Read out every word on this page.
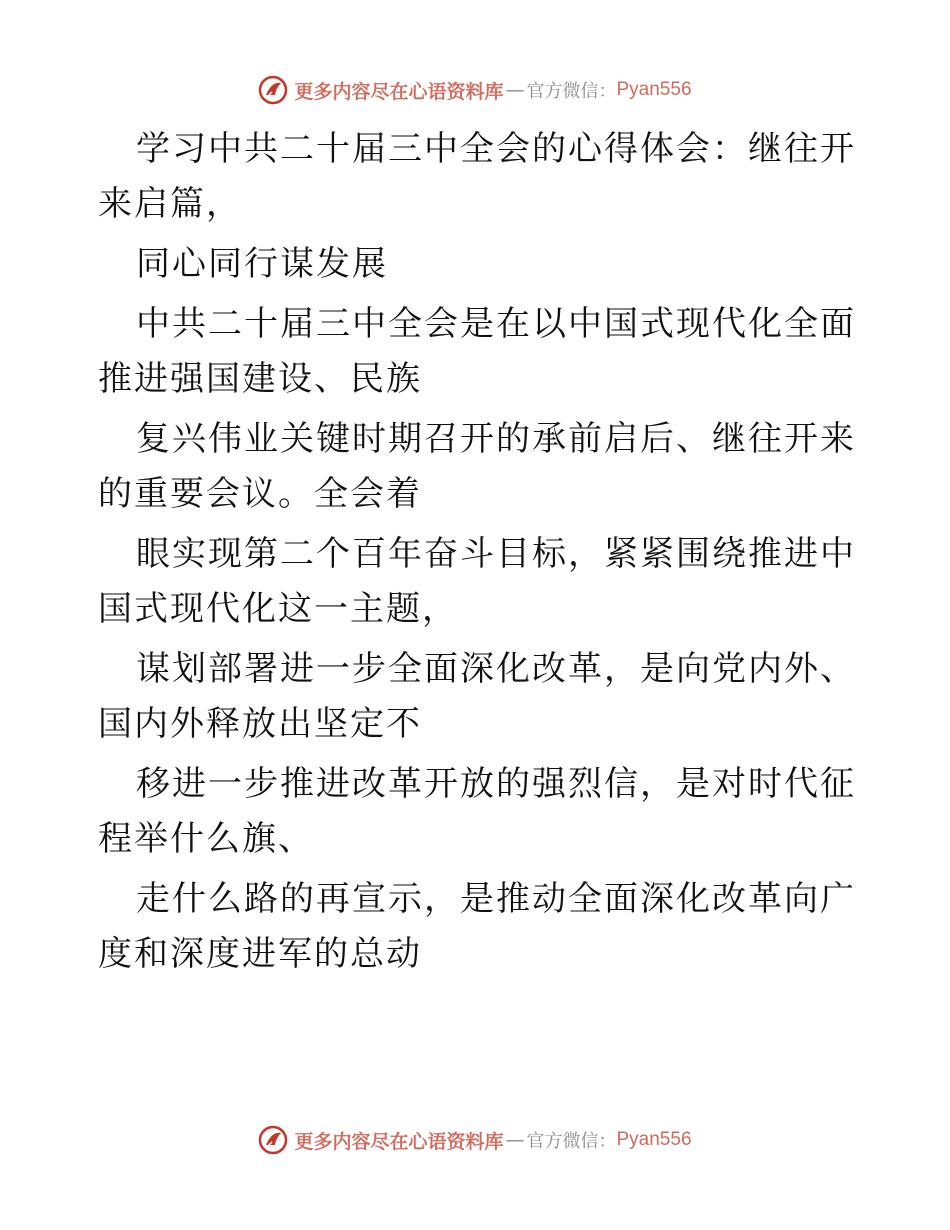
更多内容尽在心语资料库 — 官方微信： Pyan556

学习中共二十届三中全会的心得体会：继往开来启篇，

同心同行谋发展

中共二十届三中全会是在以中国式现代化全面推进强国建设、民族

复兴伟业关键时期召开的承前启后、继往开来的重要会议。全会着

眼实现第二个百年奋斗目标，紧紧围绕推进中国式现代化这一主题，

谋划部署进一步全面深化改革，是向党内外、国内外释放出坚定不

移进一步推进改革开放的强烈信，是对时代征程举什么旗、

走什么路的再宣示，是推动全面深化改革向广度和深度进军的总动

更多内容尽在心语资料库 — 官方微信： Pyan556
